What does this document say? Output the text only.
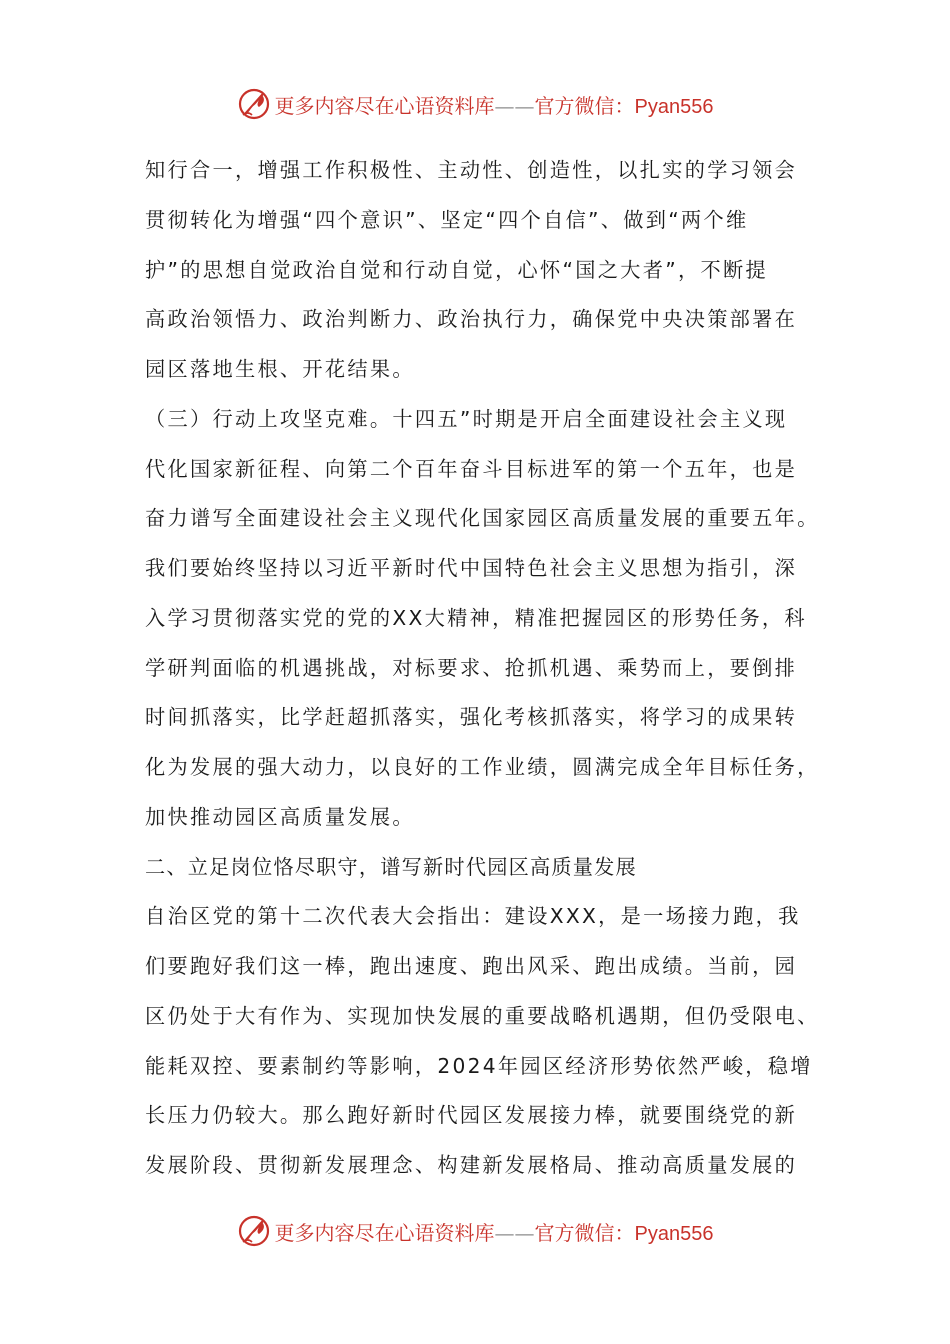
更多内容尽在心语资料库——官方微信：Pyan556
知行合一，增强工作积极性、主动性、创造性，以扎实的学习领会
贯彻转化为增强“四个意识”、坚定“四个自信”、做到“两个维
护”的思想自觉政治自觉和行动自觉，心怀“国之大者”，不断提
高政治领悟力、政治判断力、政治执行力，确保党中央决策部署在
园区落地生根、开花结果。
（三）行动上攻坚克难。十四五”时期是开启全面建设社会主义现
代化国家新征程、向第二个百年奋斗目标进军的第一个五年，也是
奋力谱写全面建设社会主义现代化国家园区高质量发展的重要五年。
我们要始终坚持以习近平新时代中国特色社会主义思想为指引，深
入学习贯彻落实党的党的XX大精神，精准把握园区的形势任务，科
学研判面临的机遇挑战，对标要求、抢抓机遇、乘势而上，要倒排
时间抓落实，比学赶超抓落实，强化考核抓落实，将学习的成果转
化为发展的强大动力，以良好的工作业绩，圆满完成全年目标任务，
加快推动园区高质量发展。
二、立足岗位恪尽职守，谱写新时代园区高质量发展
自治区党的第十二次代表大会指出：建设XXX，是一场接力跑，我
们要跑好我们这一棒，跑出速度、跑出风采、跑出成绩。当前，园
区仍处于大有作为、实现加快发展的重要战略机遇期，但仍受限电、
能耗双控、要素制约等影响，2024年园区经济形势依然严峻，稳增
长压力仍较大。那么跑好新时代园区发展接力棒，就要围绕党的新
发展阶段、贯彻新发展理念、构建新发展格局、推动高质量发展的
更多内容尽在心语资料库——官方微信：Pyan556
